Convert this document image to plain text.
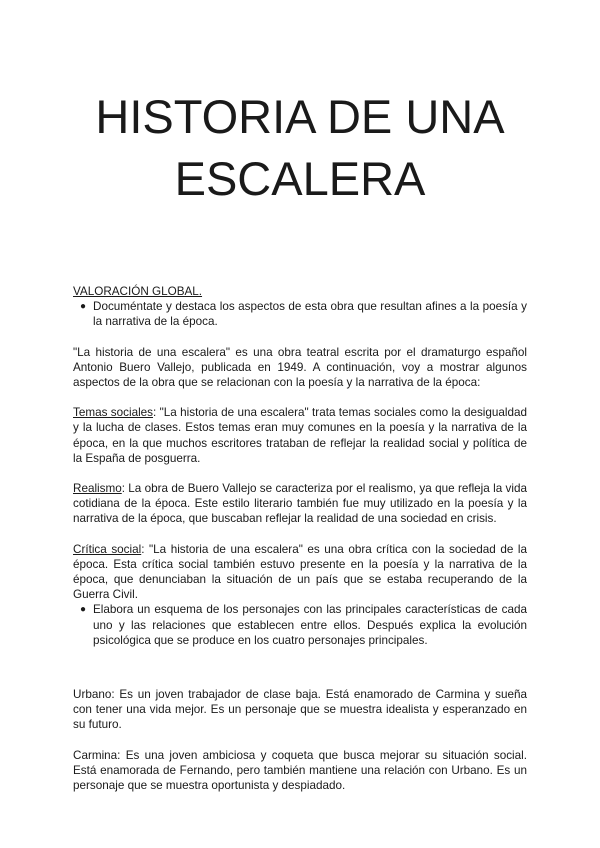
HISTORIA DE UNA ESCALERA

VALORACIÓN GLOBAL.

● Documéntate y destaca los aspectos de esta obra que resultan afines a la poesía y la narrativa de la época.

"La historia de una escalera" es una obra teatral escrita por el dramaturgo español Antonio Buero Vallejo, publicada en 1949. A continuación, voy a mostrar algunos aspectos de la obra que se relacionan con la poesía y la narrativa de la época:

Temas sociales: "La historia de una escalera" trata temas sociales como la desigualdad y la lucha de clases. Estos temas eran muy comunes en la poesía y la narrativa de la época, en la que muchos escritores trataban de reflejar la realidad social y política de la España de posguerra.

Realismo: La obra de Buero Vallejo se caracteriza por el realismo, ya que refleja la vida cotidiana de la época. Este estilo literario también fue muy utilizado en la poesía y la narrativa de la época, que buscaban reflejar la realidad de una sociedad en crisis.

Crítica social: "La historia de una escalera" es una obra crítica con la sociedad de la época. Esta crítica social también estuvo presente en la poesía y la narrativa de la época, que denunciaban la situación de un país que se estaba recuperando de la Guerra Civil.

● Elabora un esquema de los personajes con las principales características de cada uno y las relaciones que establecen entre ellos. Después explica la evolución psicológica que se produce en los cuatro personajes principales.

Urbano: Es un joven trabajador de clase baja. Está enamorado de Carmina y sueña con tener una vida mejor. Es un personaje que se muestra idealista y esperanzado en su futuro.

Carmina: Es una joven ambiciosa y coqueta que busca mejorar su situación social. Está enamorada de Fernando, pero también mantiene una relación con Urbano. Es un personaje que se muestra oportunista y despiadado.
